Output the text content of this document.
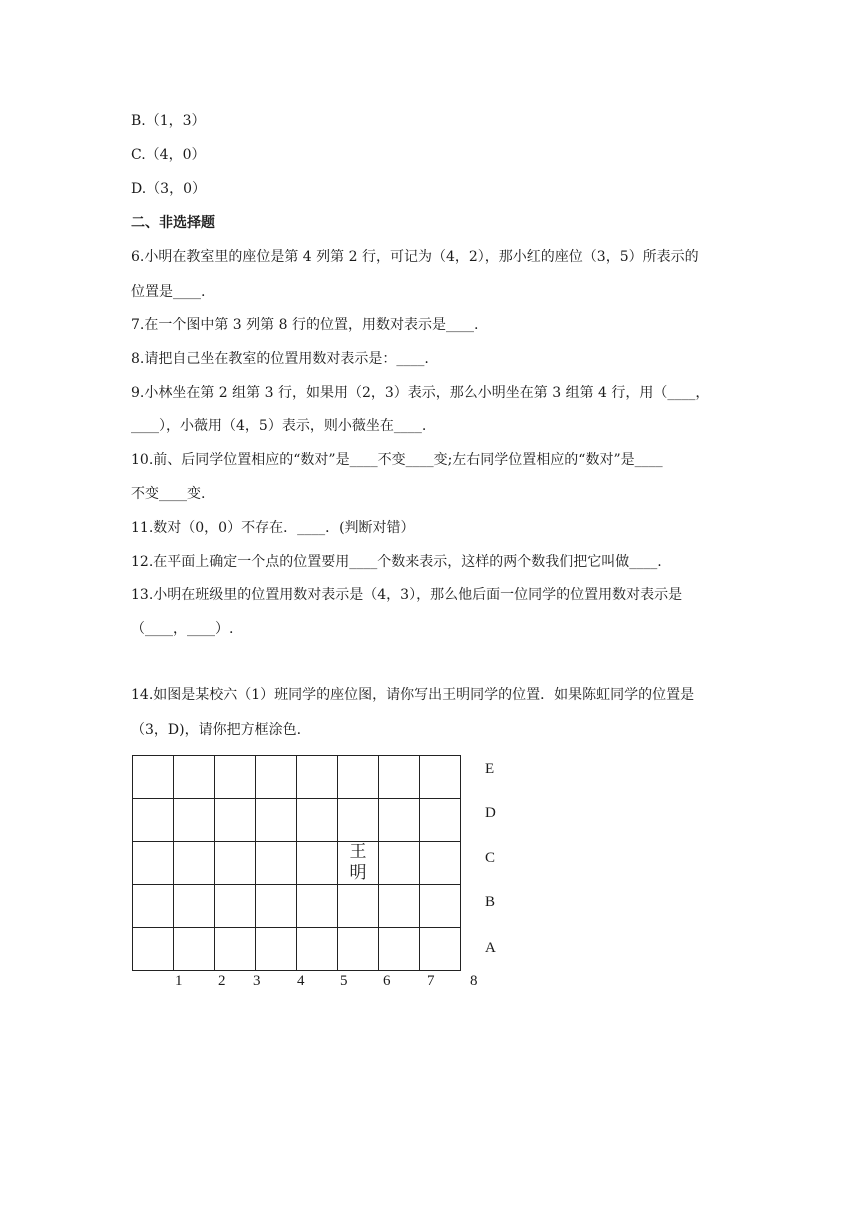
B.（1，3）
C.（4，0）
D.（3，0）
二、非选择题
6.小明在教室里的座位是第 4 列第 2 行，可记为（4，2），那小红的座位（3，5）所表示的
位置是____.
7.在一个图中第 3 列第 8 行的位置，用数对表示是____.
8.请把自己坐在教室的位置用数对表示是：____.
9.小林坐在第 2 组第 3 行，如果用（2，3）表示，那么小明坐在第 3 组第 4 行，用（____，
____），小薇用（4，5）表示，则小薇坐在____.
10.前、后同学位置相应的“数对”是____不变____变;左右同学位置相应的“数对”是____
不变____变.
11.数对（0，0）不存在．____．(判断对错）
12.在平面上确定一个点的位置要用____个数来表示，这样的两个数我们把它叫做____.
13.小明在班级里的位置用数对表示是（4，3），那么他后面一位同学的位置用数对表示是
（____，____）.
14.如图是某校六（1）班同学的座位图，请你写出王明同学的位置．如果陈虹同学的位置是
（3，D)，请你把方框涂色.

					王
明		

E
D
C
B
A
1 2 3 4 5 6 7 8
